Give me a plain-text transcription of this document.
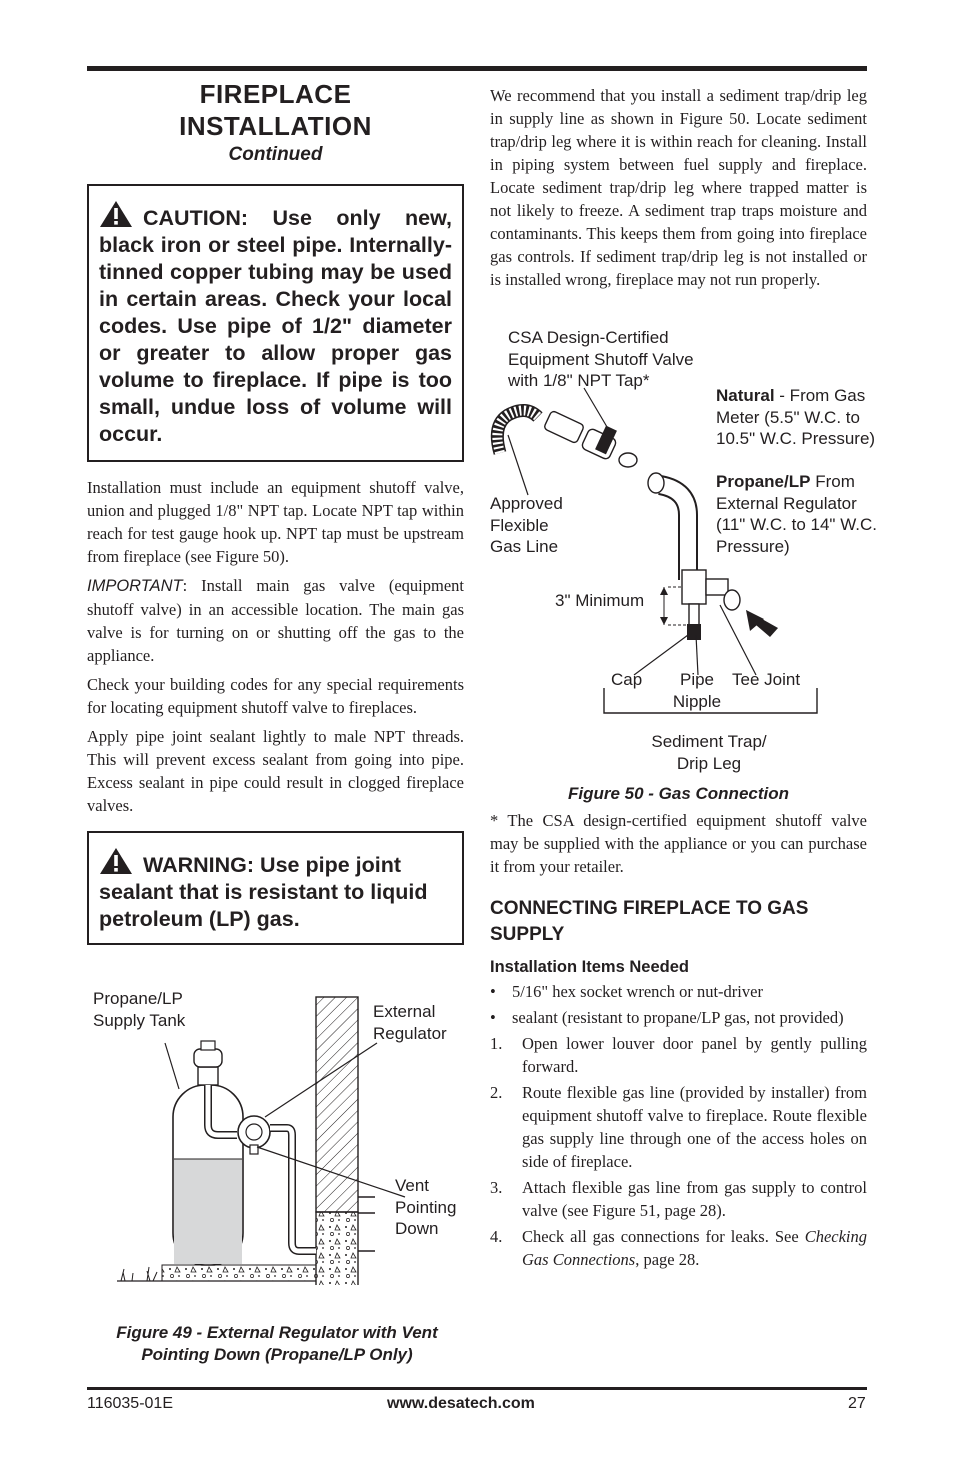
FIREPLACE
INSTALLATION
Continued
CAUTION: Use only new, black iron or steel pipe. Internally-tinned copper tubing may be used in certain areas. Check your local codes. Use pipe of 1/2" diameter or greater to allow proper gas volume to fireplace. If pipe is too small, undue loss of volume will occur.

Installation must include an equipment shutoff valve, union and plugged 1/8" NPT tap. Locate NPT tap within reach for test gauge hook up. NPT tap must be upstream from fireplace (see Figure 50).

IMPORTANT: Install main gas valve (equipment shutoff valve) in an accessible location. The main gas valve is for turning on or shutting off the gas to the appliance.

Check your building codes for any special requirements for locating equipment shutoff valve to fireplaces.

Apply pipe joint sealant lightly to male NPT threads. This will prevent excess sealant from going into pipe. Excess sealant in pipe could result in clogged fireplace valves.

WARNING: Use pipe joint sealant that is resistant to liquid petroleum (LP) gas.
Propane/LP Supply Tank	External Regulator
Vent Pointing Down
Figure 49 - External Regulator with Vent Pointing Down (Propane/LP Only)

We recommend that you install a sediment trap/drip leg in supply line as shown in Figure 50. Locate sediment trap/drip leg where it is within reach for cleaning. Install in piping system between fuel supply and fireplace. Locate sediment trap/drip leg where trapped matter is not likely to freeze. A sediment trap traps moisture and contaminants. This keeps them from going into fireplace gas controls. If sediment trap/drip leg is not installed or is installed wrong, fireplace may not run properly.

CSA Design-Certified Equipment Shutoff Valve with 1/8" NPT Tap*
Natural - From Gas Meter (5.5" W.C. to 10.5" W.C. Pressure)
Propane/LP From External Regulator (11" W.C. to 14" W.C. Pressure)
Approved Flexible Gas Line
3" Minimum
Cap	Pipe Nipple
Tee Joint
Sediment Trap/ Drip Leg
Figure 50 - Gas Connection

* The CSA design-certified equipment shutoff valve may be supplied with the appliance or you can purchase it from your retailer.

CONNECTING FIREPLACE TO GAS SUPPLY
Installation Items Needed
• 5/16" hex socket wrench or nut-driver
• sealant (resistant to propane/LP gas, not provided)
1. Open lower louver door panel by gently pulling forward.
2. Route flexible gas line (provided by installer) from equipment shutoff valve to fireplace. Route flexible gas supply line through one of the access holes on side of fireplace.
3. Attach flexible gas line from gas supply to control valve (see Figure 51, page 28).
4. Check all gas connections for leaks. See Checking Gas Connections, page 28.
116035-01E	www.desatech.com	27
